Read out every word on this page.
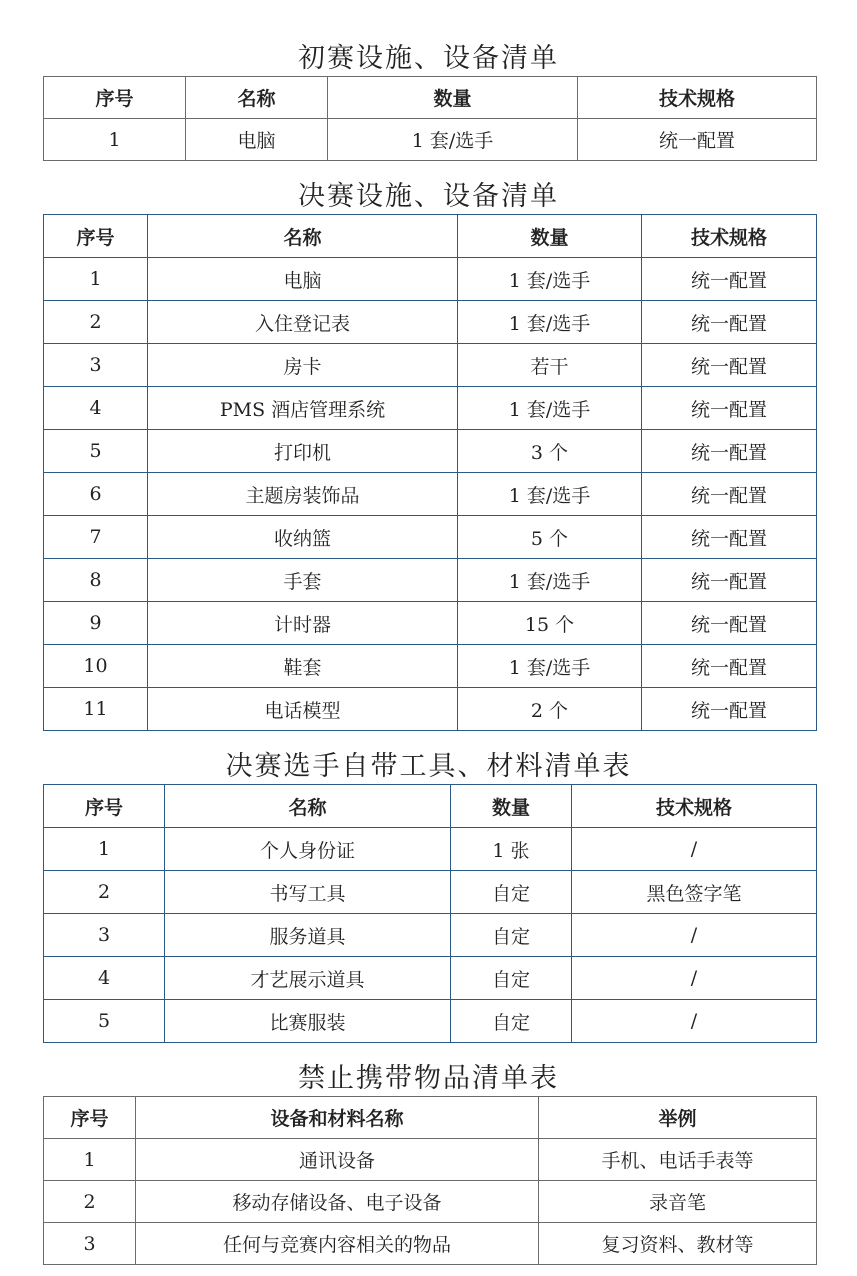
初赛设施、设备清单
序号	名称	数量	技术规格
1	电脑	1 套/选手	统一配置
决赛设施、设备清单
序号	名称	数量	技术规格
1	电脑	1 套/选手	统一配置
2	入住登记表	1 套/选手	统一配置
3	房卡	若干	统一配置
4	PMS 酒店管理系统	1 套/选手	统一配置
5	打印机	3 个	统一配置
6	主题房装饰品	1 套/选手	统一配置
7	收纳篮	5 个	统一配置
8	手套	1 套/选手	统一配置
9	计时器	15 个	统一配置
10	鞋套	1 套/选手	统一配置
11	电话模型	2 个	统一配置
决赛选手自带工具、材料清单表
序号	名称	数量	技术规格
1	个人身份证	1 张	/
2	书写工具	自定	黑色签字笔
3	服务道具	自定	/
4	才艺展示道具	自定	/
5	比赛服装	自定	/
禁止携带物品清单表
序号	设备和材料名称	举例
1	通讯设备	手机、电话手表等
2	移动存储设备、电子设备	录音笔
3	任何与竞赛内容相关的物品	复习资料、教材等
